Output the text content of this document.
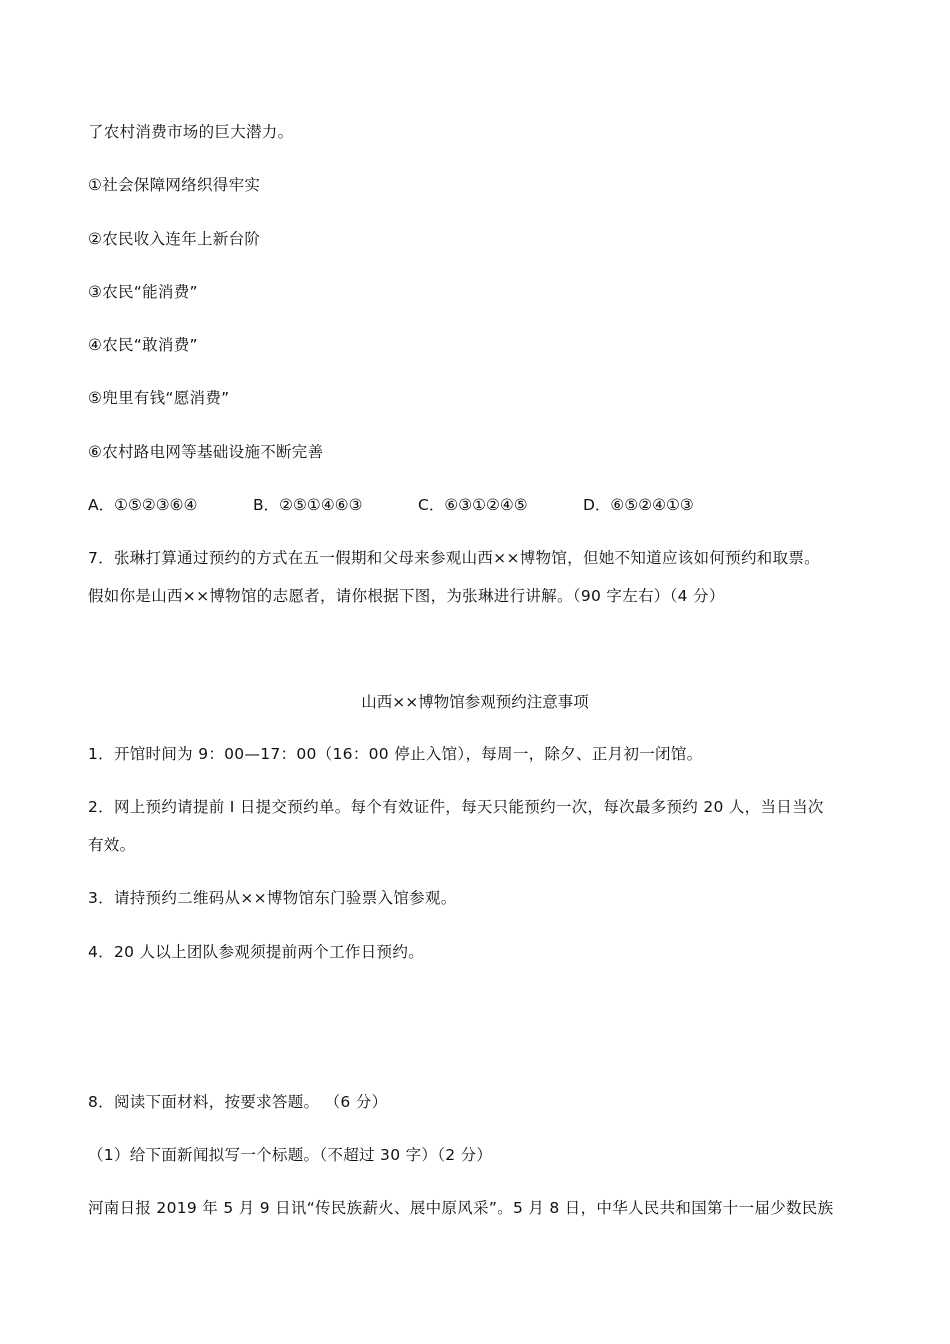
了农村消费市场的巨大潜力。
①社会保障网络织得牢实
②农民收入连年上新台阶
③农民“能消费”
④农民“敢消费”
⑤兜里有钱“愿消费”
⑥农村路电网等基础设施不断完善
A．①⑤②③⑥④	B．②⑤①④⑥③	C．⑥③①②④⑤	D．⑥⑤②④①③
7．张琳打算通过预约的方式在五一假期和父母来参观山西××博物馆，但她不知道应该如何预约和取票。
假如你是山西××博物馆的志愿者，请你根据下图，为张琳进行讲解。（90 字左右）（4 分）
山西××博物馆参观预约注意事项
1．开馆时间为 9：00—17：00（16：00 停止入馆），每周一，除夕、正月初一闭馆。
2．网上预约请提前 I 日提交预约单。每个有效证件，每天只能预约一次，每次最多预约 20 人，当日当次
有效。
3．请持预约二维码从××博物馆东门验票入馆参观。
4．20 人以上团队参观须提前两个工作日预约。
8．阅读下面材料，按要求答题。 （6 分）
（1）给下面新闻拟写一个标题。（不超过 30 字）（2 分）
河南日报 2019 年 5 月 9 日讯“传民族薪火、展中原风采”。5 月 8 日，中华人民共和国第十一届少数民族
